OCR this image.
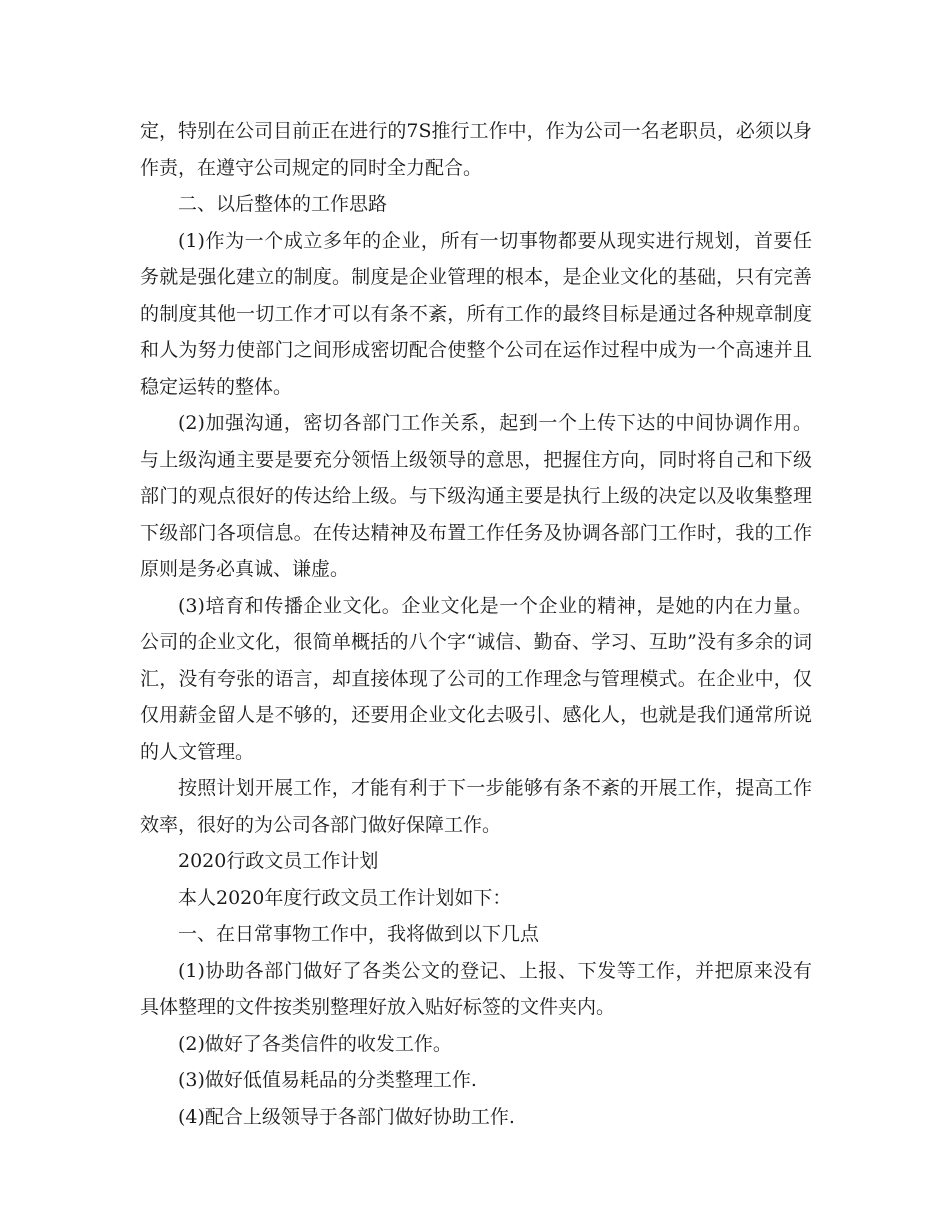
定，特别在公司目前正在进行的7S推行工作中，作为公司一名老职员，必须以身作责，在遵守公司规定的同时全力配合。

二、以后整体的工作思路

(1)作为一个成立多年的企业，所有一切事物都要从现实进行规划，首要任务就是强化建立的制度。制度是企业管理的根本，是企业文化的基础，只有完善的制度其他一切工作才可以有条不紊，所有工作的最终目标是通过各种规章制度和人为努力使部门之间形成密切配合使整个公司在运作过程中成为一个高速并且稳定运转的整体。

(2)加强沟通，密切各部门工作关系，起到一个上传下达的中间协调作用。与上级沟通主要是要充分领悟上级领导的意思，把握住方向，同时将自己和下级部门的观点很好的传达给上级。与下级沟通主要是执行上级的决定以及收集整理下级部门各项信息。在传达精神及布置工作任务及协调各部门工作时，我的工作原则是务必真诚、谦虚。

(3)培育和传播企业文化。企业文化是一个企业的精神，是她的内在力量。公司的企业文化，很简单概括的八个字“诚信、勤奋、学习、互助”没有多余的词汇，没有夸张的语言，却直接体现了公司的工作理念与管理模式。在企业中，仅仅用薪金留人是不够的，还要用企业文化去吸引、感化人，也就是我们通常所说的人文管理。

按照计划开展工作，才能有利于下一步能够有条不紊的开展工作，提高工作效率，很好的为公司各部门做好保障工作。

2020行政文员工作计划

本人2020年度行政文员工作计划如下：

一、在日常事物工作中，我将做到以下几点

(1)协助各部门做好了各类公文的登记、上报、下发等工作，并把原来没有具体整理的文件按类别整理好放入贴好标签的文件夹内。

(2)做好了各类信件的收发工作。

(3)做好低值易耗品的分类整理工作.

(4)配合上级领导于各部门做好协助工作.
